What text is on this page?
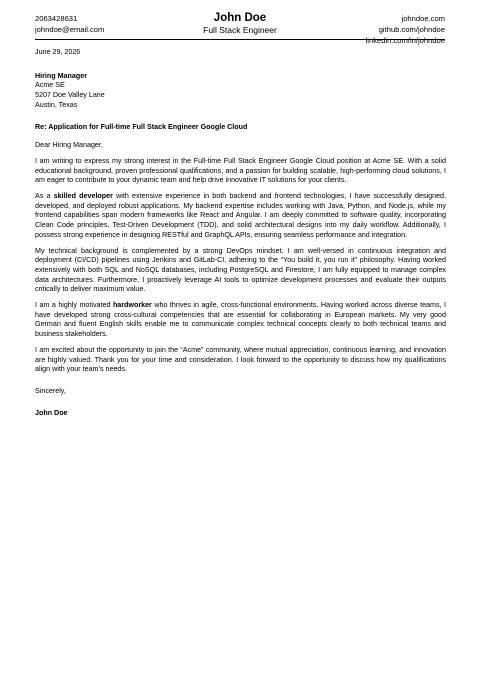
2063428631
johndoe@email.com
John Doe
Full Stack Engineer
johndoe.com
github.com/johndoe
linkedin.com/in/johndoe
June 29, 2026
Hiring Manager
Acme SE
5207 Doe Valley Lane
Austin, Texas
Re: Application for Full-time Full Stack Engineer Google Cloud
Dear Hiring Manager,
I am writing to express my strong interest in the Full-time Full Stack Engineer Google Cloud position at Acme SE. With a solid educational background, proven professional qualifications, and a passion for building scalable, high-performing cloud solutions, I am eager to contribute to your dynamic team and help drive innovative IT solutions for your clients.
As a skilled developer with extensive experience in both backend and frontend technologies, I have successfully designed, developed, and deployed robust applications. My backend expertise includes working with Java, Python, and Node.js, while my frontend capabilities span modern frameworks like React and Angular. I am deeply committed to software quality, incorporating Clean Code principles, Test-Driven Development (TDD), and solid architectural designs into my daily workflow. Additionally, I possess strong experience in designing RESTful and GraphQL APIs, ensuring seamless performance and integration.
My technical background is complemented by a strong DevOps mindset. I am well-versed in continuous integration and deployment (CI/CD) pipelines using Jenkins and GitLab-CI, adhering to the “You build it, you run it” philosophy. Having worked extensively with both SQL and NoSQL databases, including PostgreSQL and Firestore, I am fully equipped to manage complex data architectures. Furthermore, I proactively leverage AI tools to optimize development processes and evaluate their outputs critically to deliver maximum value.
I am a highly motivated hardworker who thrives in agile, cross-functional environments. Having worked across diverse teams, I have developed strong cross-cultural competencies that are essential for collaborating in European markets. My very good German and fluent English skills enable me to communicate complex technical concepts clearly to both technical teams and business stakeholders.
I am excited about the opportunity to join the “Acme” community, where mutual appreciation, continuous learning, and innovation are highly valued. Thank you for your time and consideration. I look forward to the opportunity to discuss how my qualifications align with your team’s needs.
Sincerely,
John Doe
